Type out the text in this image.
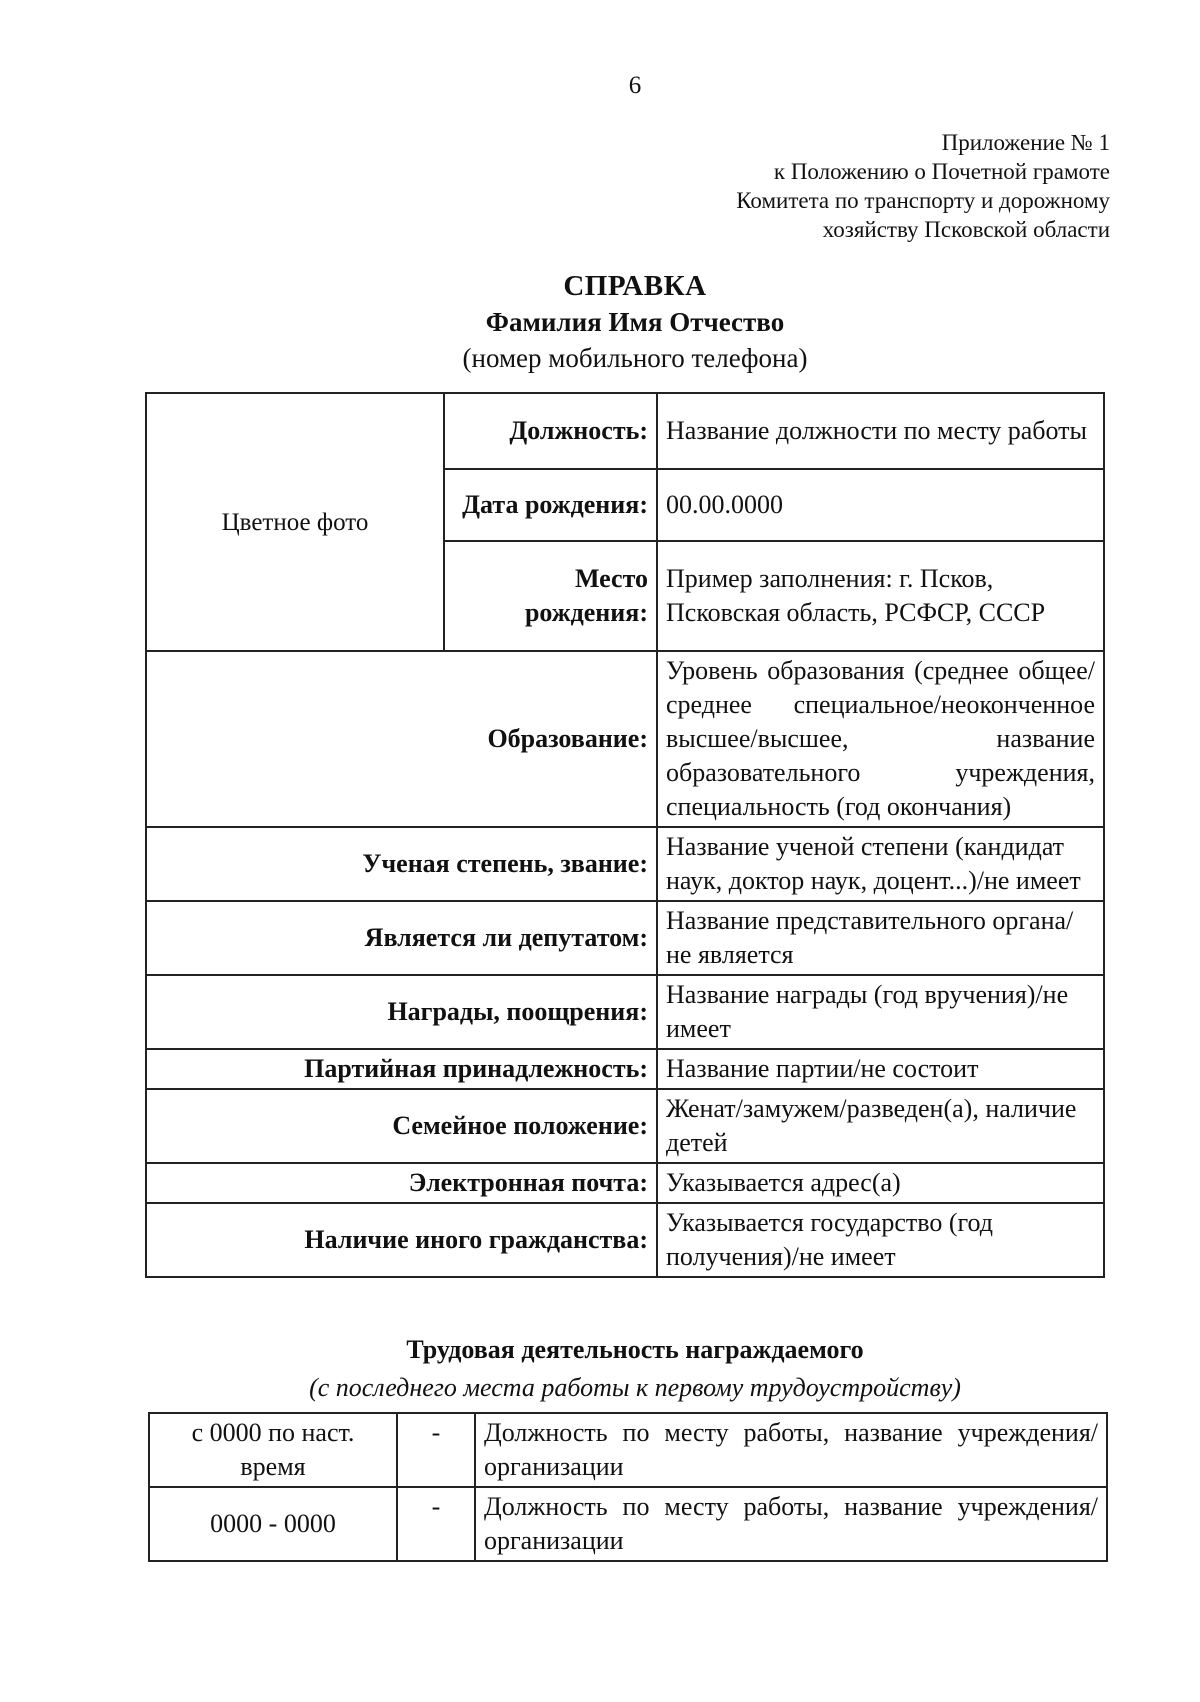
6
Приложение № 1
к Положению о Почетной грамоте
Комитета по транспорту и дорожному
хозяйству Псковской области
СПРАВКА
Фамилия Имя Отчество
(номер мобильного телефона)
Цветное фото	Должность:	Название должности по месту работы
	Дата рождения:	00.00.0000
	Место рождения:	Пример заполнения: г. Псков, Псковская область, РСФСР, СССР
Образование:		Уровень образования (среднее общее/среднее специальное/неоконченное высшее/высшее, название образовательного учреждения, специальность (год окончания)
Ученая степень, звание:		Название ученой степени (кандидат наук, доктор наук, доцент...)/не имеет
Является ли депутатом:		Название представительного органа/не является
Награды, поощрения:		Название награды (год вручения)/не имеет
Партийная принадлежность:		Название партии/не состоит
Семейное положение:		Женат/замужем/разведен(а), наличие детей
Электронная почта:		Указывается адрес(а)
Наличие иного гражданства:		Указывается государство (год получения)/не имеет
Трудовая деятельность награждаемого
(с последнего места работы к первому трудоустройству)
с 0000 по наст. время	-	Должность по месту работы, название учреждения/организации
0000 - 0000	-	Должность по месту работы, название учреждения/организации
